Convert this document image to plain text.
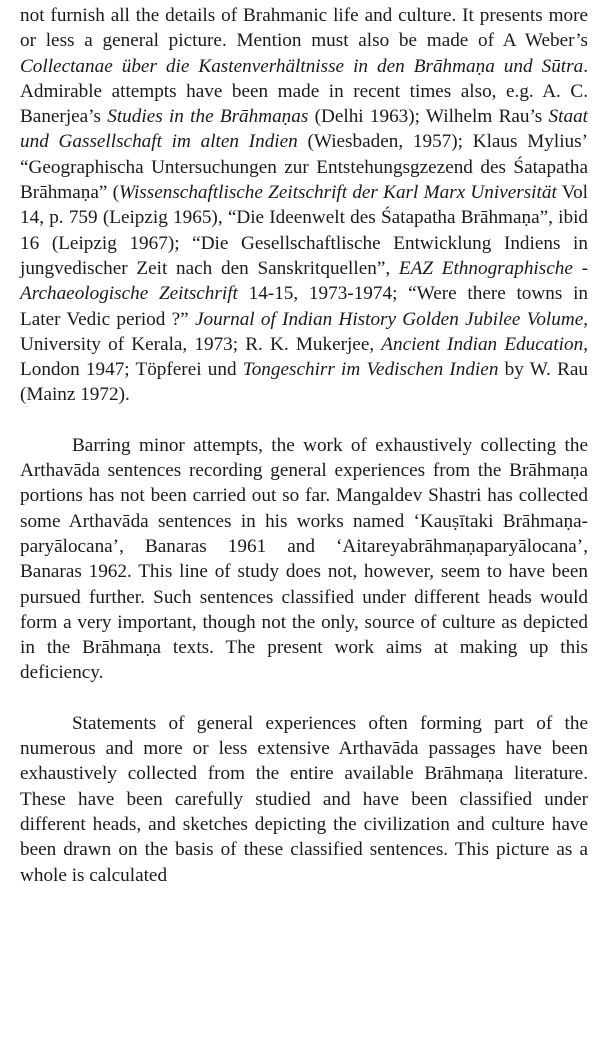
not furnish all the details of Brahmanic life and culture. It presents more or less a general picture. Mention must also be made of A Weber’s Collectanae über die Kastenverhältnisse in den Brāhmaṇa und Sūtra. Admirable attempts have been made in recent times also, e.g. A. C. Banerjea’s Studies in the Brāhmaṇas (Delhi 1963); Wilhelm Rau’s Staat und Gassellschaft im alten Indien (Wiesbaden, 1957); Klaus Mylius’ “Geographischa Untersuchungen zur Entstehungsgzezend des Śatapatha Brāhmaṇa” (Wissenschaftlische Zeitschrift der Karl Marx Universität Vol 14, p. 759 (Leipzig 1965), “Die Ideenwelt des Śatapatha Brāhmaṇa”, ibid 16 (Leipzig 1967); “Die Gesellschaftlische Entwicklung Indiens in jungvedischer Zeit nach den Sanskritquellen”, EAZ Ethnographische - Archaeologische Zeitschrift 14-15, 1973-1974; “Were there towns in Later Vedic period ?” Journal of Indian History Golden Jubilee Volume, University of Kerala, 1973; R. K. Mukerjee, Ancient Indian Education, London 1947; Töpferei und Tongeschirr im Vedischen Indien by W. Rau (Mainz 1972).

Barring minor attempts, the work of exhaustively collecting the Arthavāda sentences recording general experiences from the Brāhmaṇa portions has not been carried out so far. Mangaldev Shastri has collected some Arthavāda sentences in his works named ‘Kauṣītaki Brāhmaṇa-paryālocana’, Banaras 1961 and ‘Aitareyabrāhmaṇaparyālocana’, Banaras 1962. This line of study does not, however, seem to have been pursued further. Such sentences classified under different heads would form a very important, though not the only, source of culture as depicted in the Brāhmaṇa texts. The present work aims at making up this deficiency.

Statements of general experiences often forming part of the numerous and more or less extensive Arthavāda passages have been exhaustively collected from the entire available Brāhmaṇa literature. These have been carefully studied and have been classified under different heads, and sketches depicting the civilization and culture have been drawn on the basis of these classified sentences. This picture as a whole is calculated
